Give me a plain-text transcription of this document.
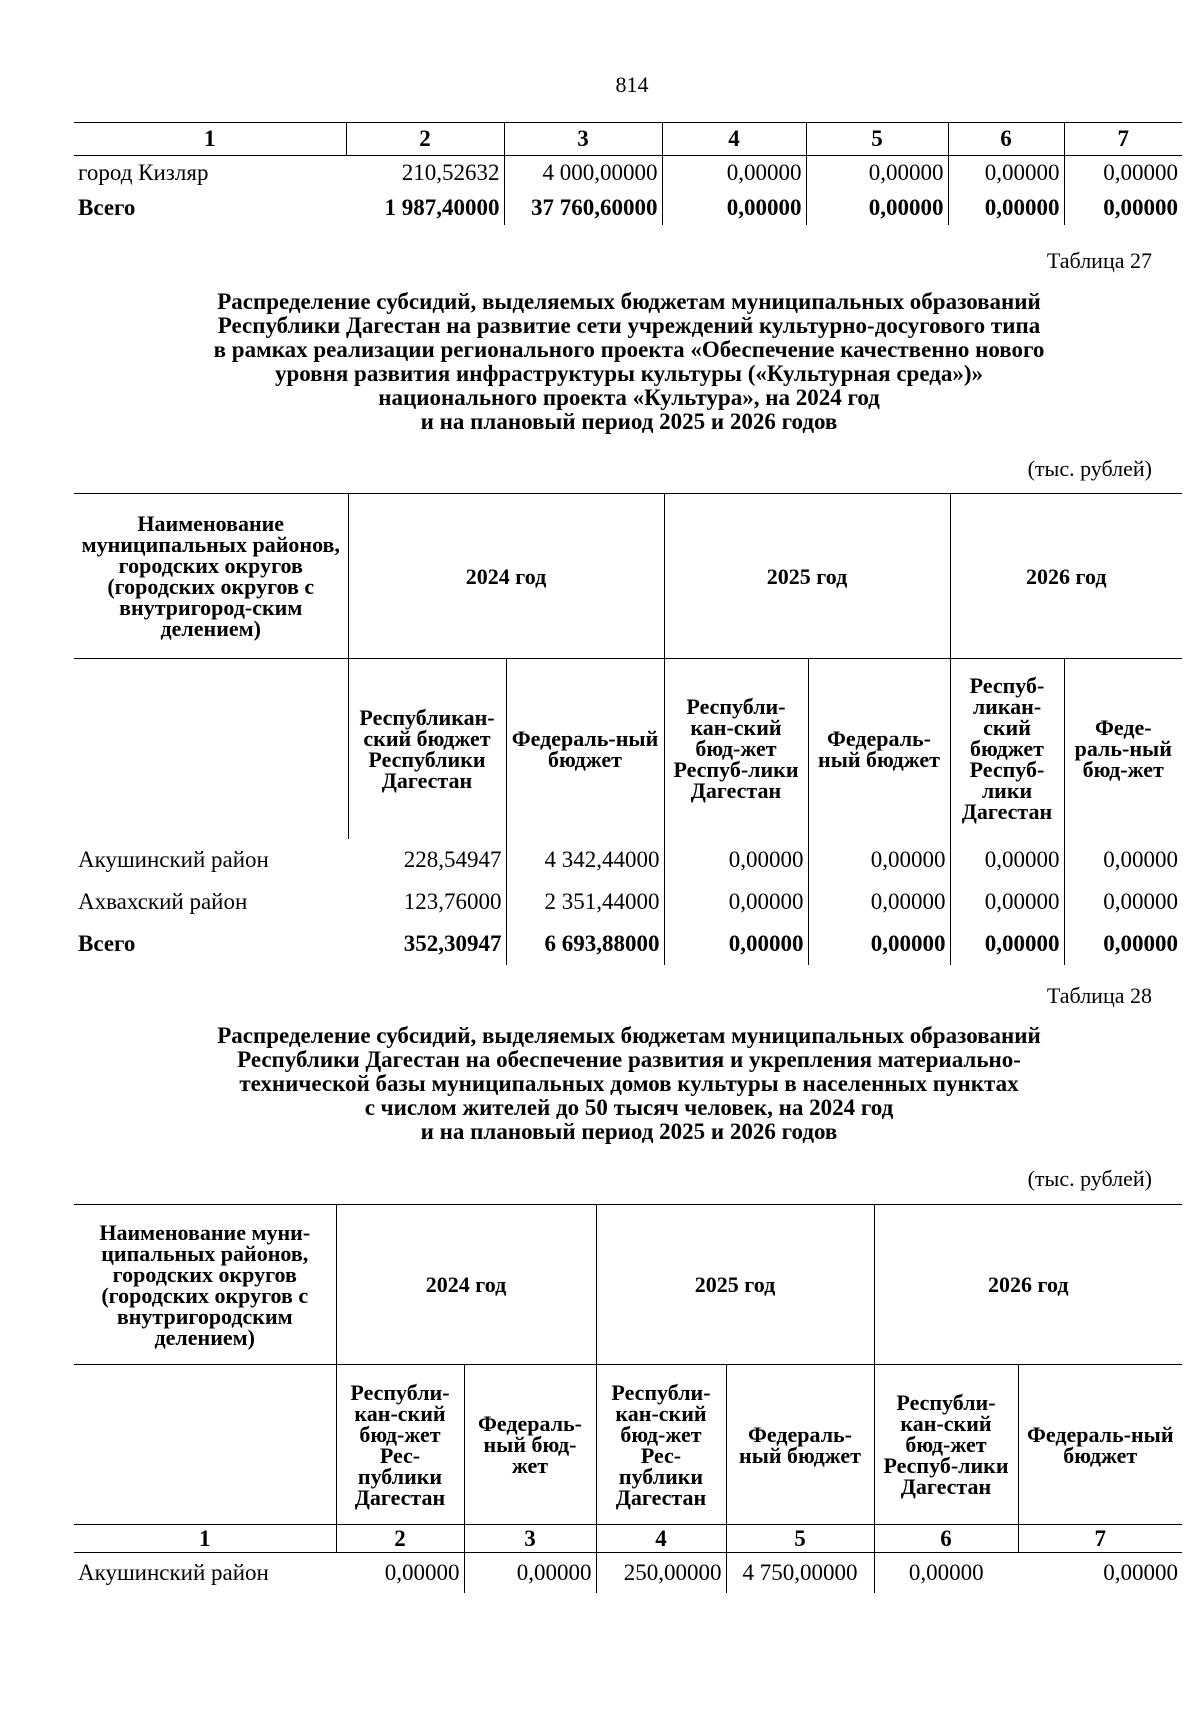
814
1	2	3	4	5	6	7
город Кизляр	210,52632	4 000,00000	0,00000	0,00000	0,00000	0,00000
Всего	1 987,40000	37 760,60000	0,00000	0,00000	0,00000	0,00000
Таблица 27
Распределение субсидий, выделяемых бюджетам муниципальных образований
Республики Дагестан на развитие сети учреждений культурно-досугового типа
в рамках реализации регионального проекта «Обеспечение качественно нового
уровня развития инфраструктуры культуры («Культурная среда»)»
национального проекта «Культура», на 2024 год
и на плановый период 2025 и 2026 годов
(тыс. рублей)
Наименование муниципальных районов, городских округов (городских округов с внутригород-ским делением)	2024 год		2025 год		2026 год	
	Республикан-ский бюджет Республики Дагестан	Федераль-ный бюджет	Республи-кан-ский бюд-жет Респуб-лики Дагестан	Федераль-ный бюджет	Респуб-ликан-ский бюджет Респуб-лики Дагестан	Феде-раль-ный бюд-жет
Акушинский район	228,54947	4 342,44000	0,00000	0,00000	0,00000	0,00000
Ахвахский район	123,76000	2 351,44000	0,00000	0,00000	0,00000	0,00000
Всего	352,30947	6 693,88000	0,00000	0,00000	0,00000	0,00000
Таблица 28
Распределение субсидий, выделяемых бюджетам муниципальных образований
Республики Дагестан на обеспечение развития и укрепления материально-
технической базы муниципальных домов культуры в населенных пунктах
с числом жителей до 50 тысяч человек, на 2024 год
и на плановый период 2025 и 2026 годов
(тыс. рублей)
Наименование муни-ципальных районов, городских округов (городских округов с внутригородским делением)	2024 год		2025 год		2026 год	
	Республи-кан-ский бюд-жет Рес-публики Дагестан	Федераль-ный бюд-жет	Республи-кан-ский бюд-жет Рес-публики Дагестан	Федераль-ный бюджет	Республи-кан-ский бюд-жет Респуб-лики Дагестан	Федераль-ный бюджет
1	2	3	4	5	6	7
Акушинский район	0,00000	0,00000	250,00000	4 750,00000	0,00000	0,00000
